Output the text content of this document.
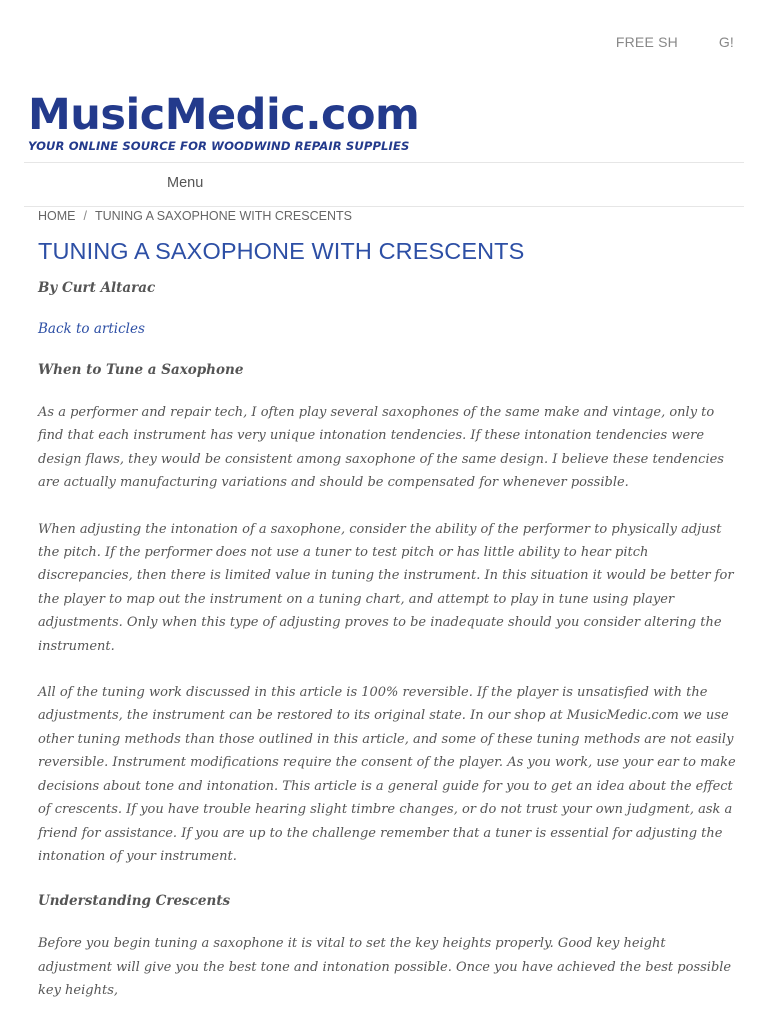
FREE SH          G!
MusicMedic.com
YOUR ONLINE SOURCE FOR WOODWIND REPAIR SUPPLIES
Menu
HOME / TUNING A SAXOPHONE WITH CRESCENTS
TUNING A SAXOPHONE WITH CRESCENTS

By Curt Altarac

Back to articles

When to Tune a Saxophone

As a performer and repair tech, I often play several saxophones of the same make and vintage, only to find that each instrument has very unique intonation tendencies. If these intonation tendencies were design flaws, they would be consistent among saxophone of the same design. I believe these tendencies are actually manufacturing variations and should be compensated for whenever possible.

When adjusting the intonation of a saxophone, consider the ability of the performer to physically adjust the pitch. If the performer does not use a tuner to test pitch or has little ability to hear pitch discrepancies, then there is limited value in tuning the instrument. In this situation it would be better for the player to map out the instrument on a tuning chart, and attempt to play in tune using player adjustments. Only when this type of adjusting proves to be inadequate should you consider altering the instrument.

All of the tuning work discussed in this article is 100% reversible. If the player is unsatisfied with the adjustments, the instrument can be restored to its original state. In our shop at MusicMedic.com we use other tuning methods than those outlined in this article, and some of these tuning methods are not easily reversible. Instrument modifications require the consent of the player. As you work, use your ear to make decisions about tone and intonation. This article is a general guide for you to get an idea about the effect of crescents. If you have trouble hearing slight timbre changes, or do not trust your own judgment, ask a friend for assistance. If you are up to the challenge remember that a tuner is essential for adjusting the intonation of your instrument.

Understanding Crescents

Before you begin tuning a saxophone it is vital to set the key heights properly. Good key height adjustment will give you the best tone and intonation possible. Once you have achieved the best possible key heights,
